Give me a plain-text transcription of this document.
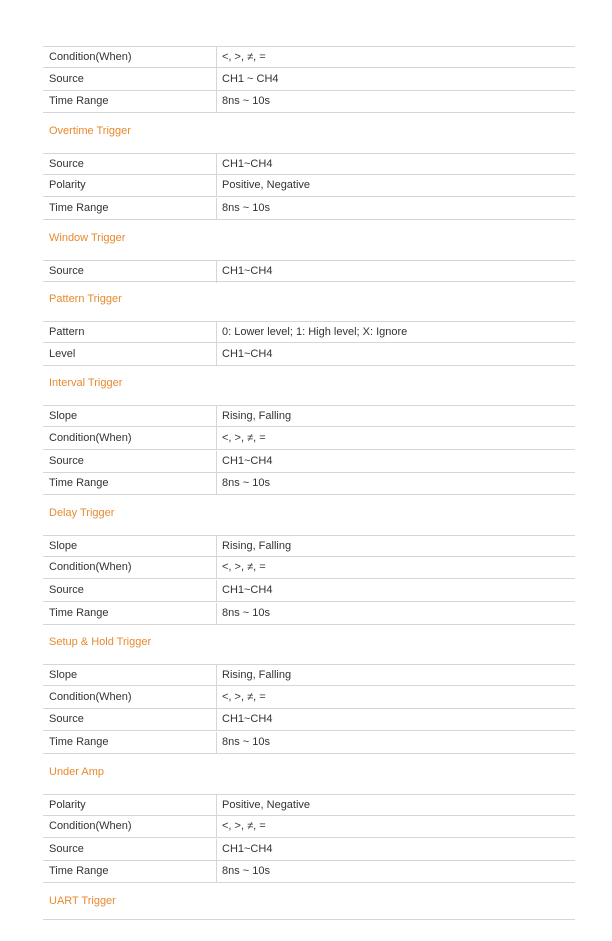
Condition(When)	<, >, ≠, =
Source	CH1 ~ CH4
Time Range	8ns ~ 10s
Overtime Trigger
Source	CH1~CH4
Polarity	Positive, Negative
Time Range	8ns ~ 10s
Window Trigger
Source	CH1~CH4
Pattern Trigger
Pattern	0: Lower level; 1: High level; X: Ignore
Level	CH1~CH4
Interval Trigger
Slope	Rising, Falling
Condition(When)	<, >, ≠, =
Source	CH1~CH4
Time Range	8ns ~ 10s
Delay Trigger
Slope	Rising, Falling
Condition(When)	<, >, ≠, =
Source	CH1~CH4
Time Range	8ns ~ 10s
Setup & Hold Trigger
Slope	Rising, Falling
Condition(When)	<, >, ≠, =
Source	CH1~CH4
Time Range	8ns ~ 10s
Under Amp
Polarity	Positive, Negative
Condition(When)	<, >, ≠, =
Source	CH1~CH4
Time Range	8ns ~ 10s
UART Trigger
